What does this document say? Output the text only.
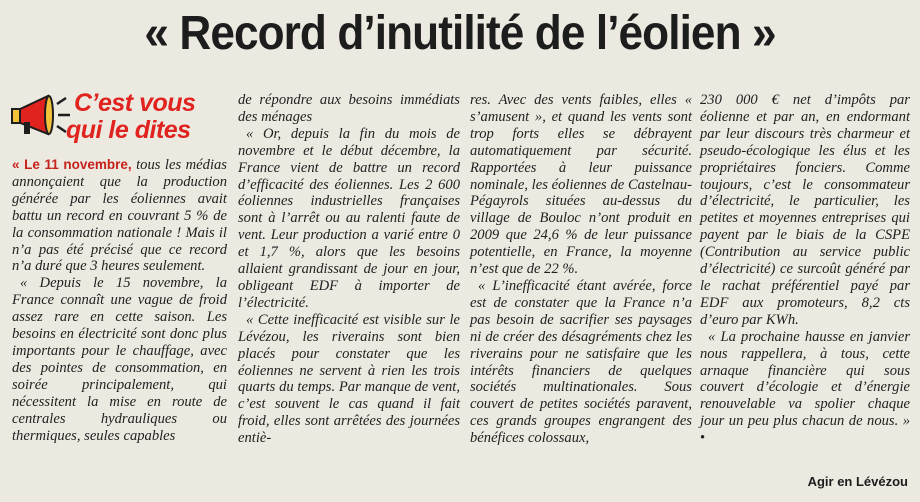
« Record d’inutilité de l’éolien »
C’est vous
qui le dites

« Le 11 novembre, tous les médias annonçaient que la production générée par les éoliennes avait battu un record en couvrant 5 % de la consommation nationale ! Mais il n’a pas été précisé que ce record n’a duré que 3 heures seulement.

« Depuis le 15 novembre, la France connaît une vague de froid assez rare en cette saison. Les besoins en électricité sont donc plus importants pour le chauffage, avec des pointes de consommation, en soirée principalement, qui nécessitent la mise en route de centrales hydrauliques ou thermiques, seules capables

de répondre aux besoins immédiats des ménages

« Or, depuis la fin du mois de novembre et le début décembre, la France vient de battre un record d’efficacité des éoliennes. Les 2 600 éoliennes industrielles françaises sont à l’arrêt ou au ralenti faute de vent. Leur production a varié entre 0 et 1,7 %, alors que les besoins allaient grandissant de jour en jour, obligeant EDF à importer de l’électricité.

« Cette inefficacité est visible sur le Lévézou, les riverains sont bien placés pour constater que les éoliennes ne servent à rien les trois quarts du temps. Par manque de vent, c’est souvent le cas quand il fait froid, elles sont arrêtées des journées entiè-

res. Avec des vents faibles, elles « s’amusent », et quand les vents sont trop forts elles se débrayent automatiquement par sécurité. Rapportées à leur puissance nominale, les éoliennes de Castelnau-Pégayrols situées au-dessus du village de Bouloc n’ont produit en 2009 que 24,6 % de leur puissance potentielle, en France, la moyenne n’est que de 22 %.

« L’inefficacité étant avérée, force est de constater que la France n’a pas besoin de sacrifier ses paysages ni de créer des désagréments chez les riverains pour ne satisfaire que les intérêts financiers de quelques sociétés multinationales. Sous couvert de petites sociétés paravent, ces grands groupes engrangent des bénéfices colossaux,

230 000 € net d’impôts par éolienne et par an, en endormant par leur discours très charmeur et pseudo-écologique les élus et les propriétaires fonciers. Comme toujours, c’est le consommateur d’électricité, le particulier, les petites et moyennes entreprises qui payent par le biais de la CSPE (Contribution au service public d’électricité) ce surcoût généré par le rachat préférentiel payé par EDF aux promoteurs, 8,2 cts d’euro par KWh.

« La prochaine hausse en janvier nous rappellera, à tous, cette arnaque financière qui sous couvert d’écologie et d’énergie renouvelable va spolier chaque jour un peu plus chacun de nous. » •

Agir en Lévézou
